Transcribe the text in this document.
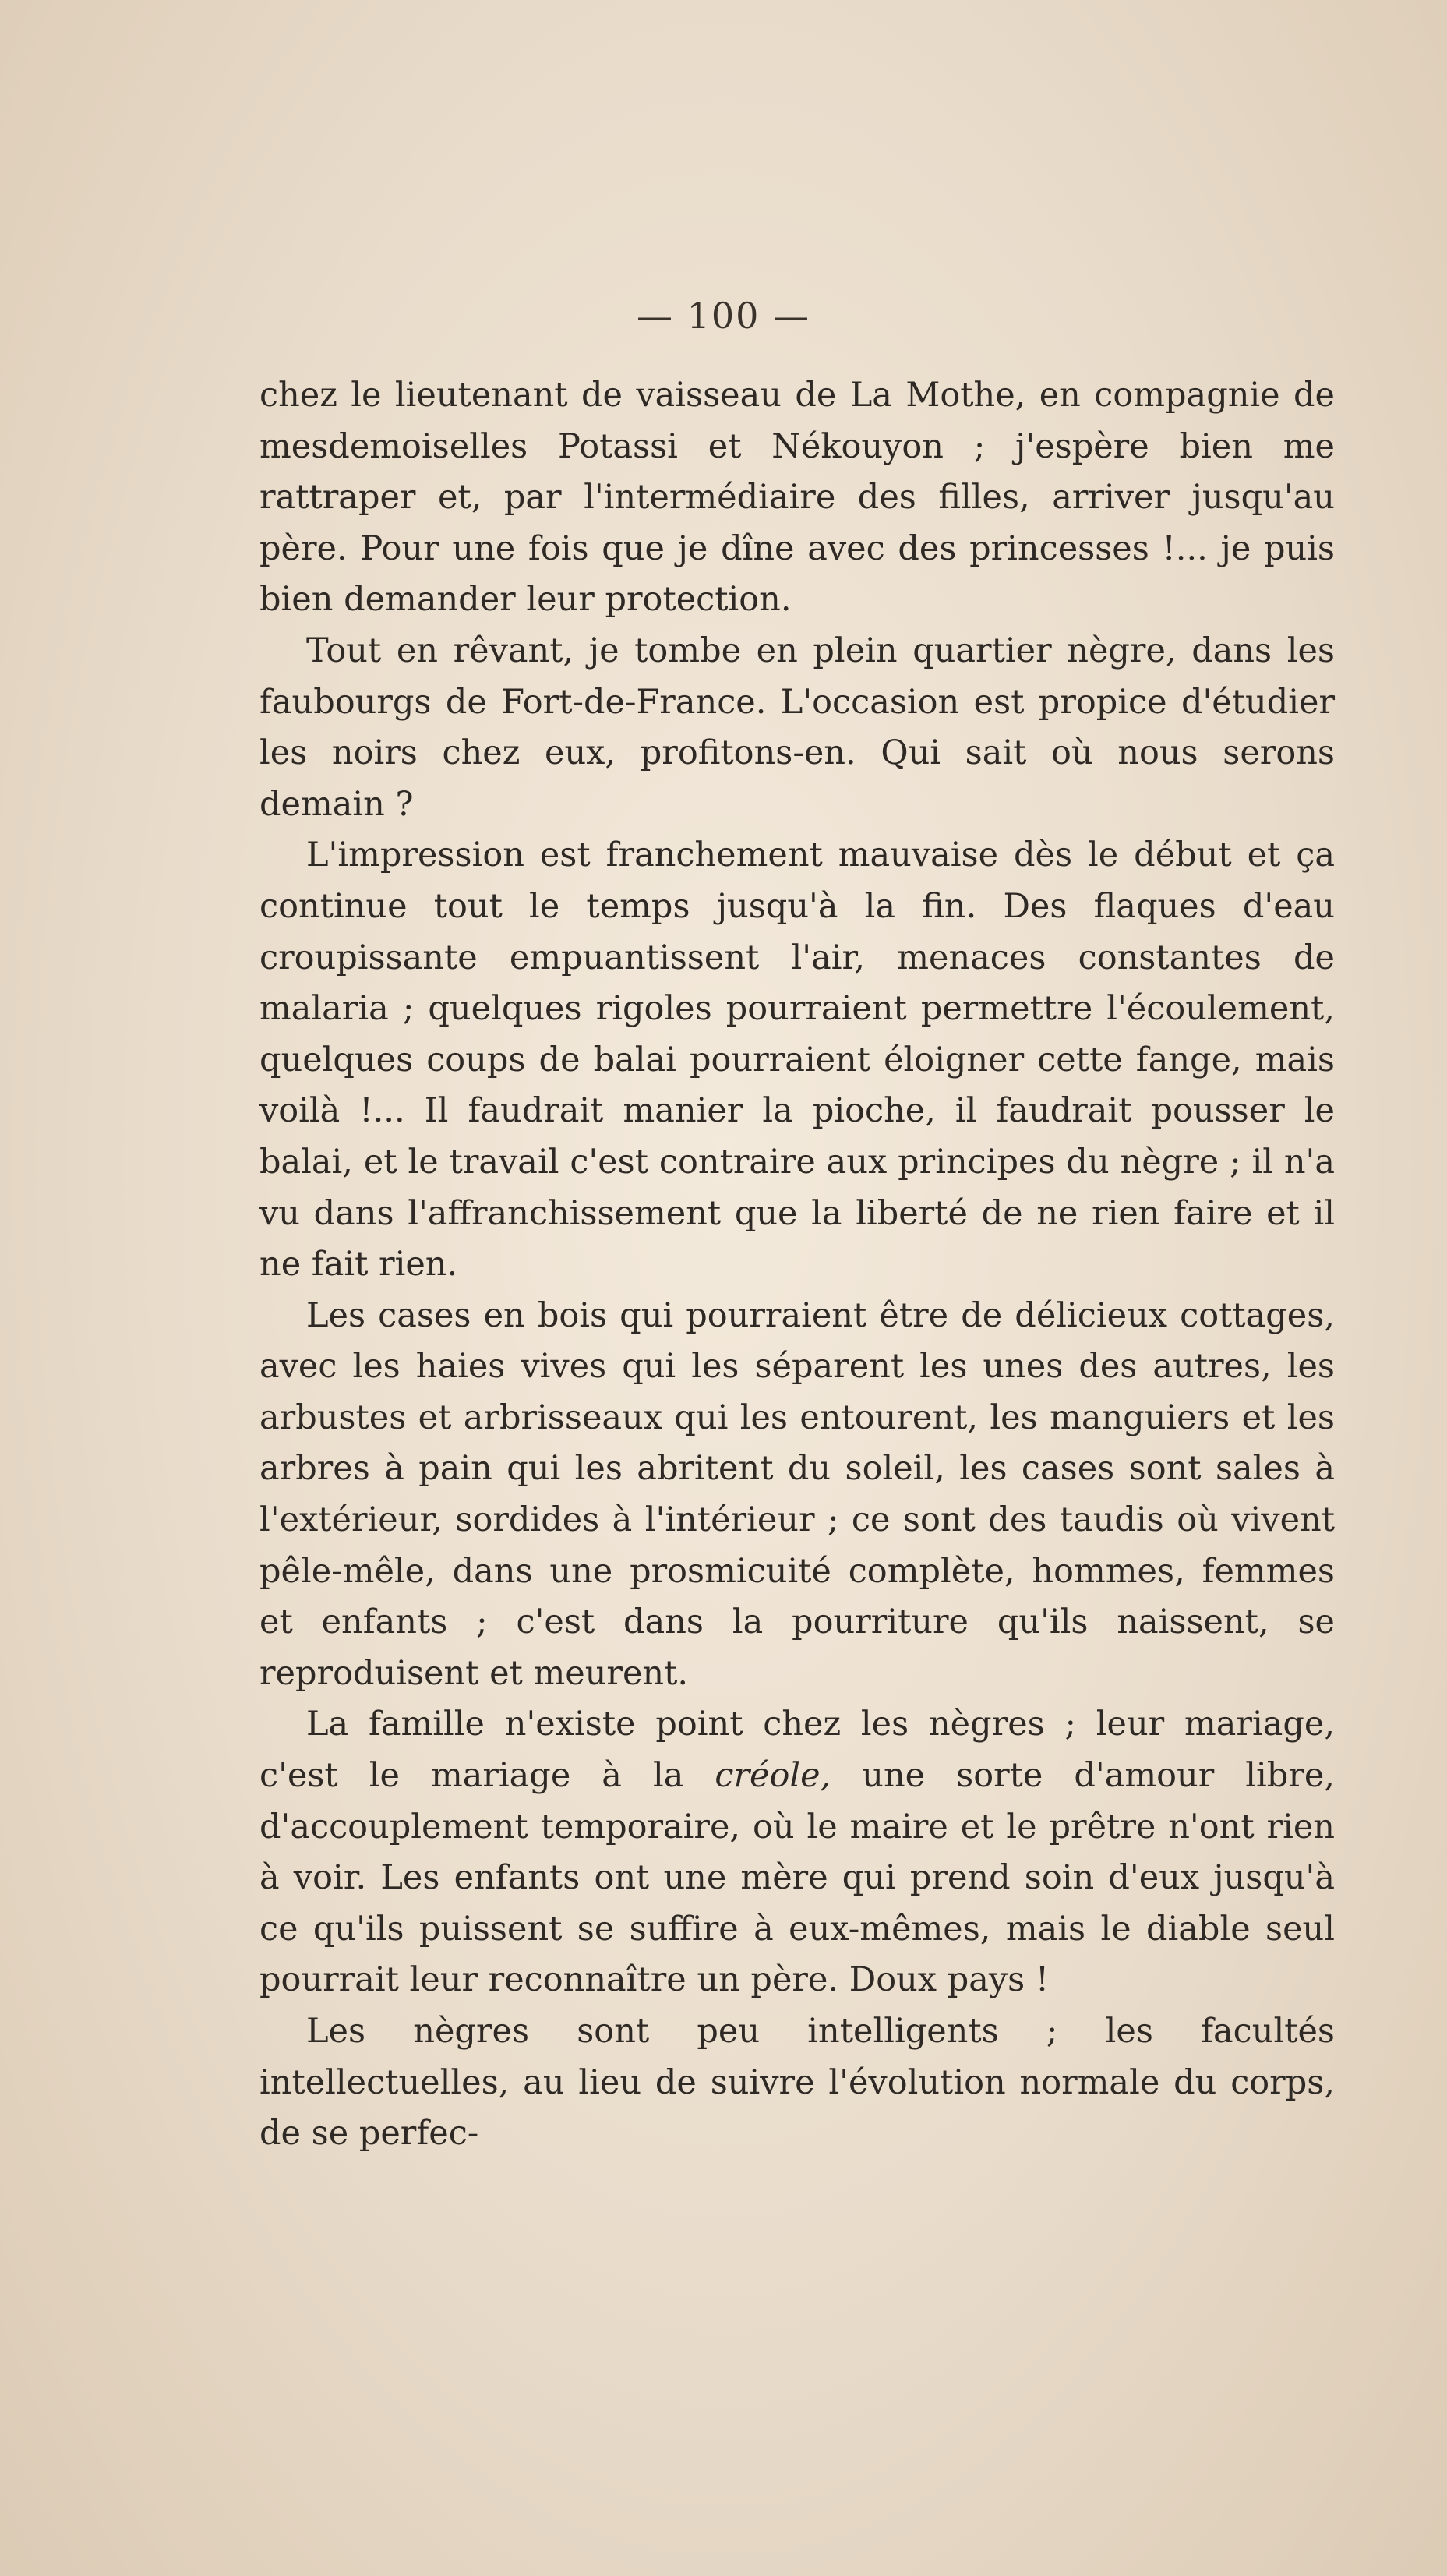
— 100 —

chez le lieutenant de vaisseau de La Mothe, en compagnie de mesdemoiselles Potassi et Nékouyon ; j'espère bien me rattraper et, par l'intermédiaire des filles, arriver jusqu'au père. Pour une fois que je dîne avec des princesses !... je puis bien demander leur protection.

Tout en rêvant, je tombe en plein quartier nègre, dans les faubourgs de Fort-de-France. L'occasion est propice d'étudier les noirs chez eux, profitons-en. Qui sait où nous serons demain ?

L'impression est franchement mauvaise dès le début et ça continue tout le temps jusqu'à la fin. Des flaques d'eau croupissante empuantissent l'air, menaces constantes de malaria ; quelques rigoles pourraient permettre l'écoulement, quelques coups de balai pourraient éloigner cette fange, mais voilà !... Il faudrait manier la pioche, il faudrait pousser le balai, et le travail c'est contraire aux principes du nègre ; il n'a vu dans l'affranchissement que la liberté de ne rien faire et il ne fait rien.

Les cases en bois qui pourraient être de délicieux cottages, avec les haies vives qui les séparent les unes des autres, les arbustes et arbrisseaux qui les entourent, les manguiers et les arbres à pain qui les abritent du soleil, les cases sont sales à l'extérieur, sordides à l'intérieur ; ce sont des taudis où vivent pêle-mêle, dans une prosmicuité complète, hommes, femmes et enfants ; c'est dans la pourriture qu'ils naissent, se reproduisent et meurent.

La famille n'existe point chez les nègres ; leur mariage, c'est le mariage à la créole, une sorte d'amour libre, d'accouplement temporaire, où le maire et le prêtre n'ont rien à voir. Les enfants ont une mère qui prend soin d'eux jusqu'à ce qu'ils puissent se suffire à eux-mêmes, mais le diable seul pourrait leur reconnaître un père. Doux pays !

Les nègres sont peu intelligents ; les facultés intellectuelles, au lieu de suivre l'évolution normale du corps, de se perfec-
